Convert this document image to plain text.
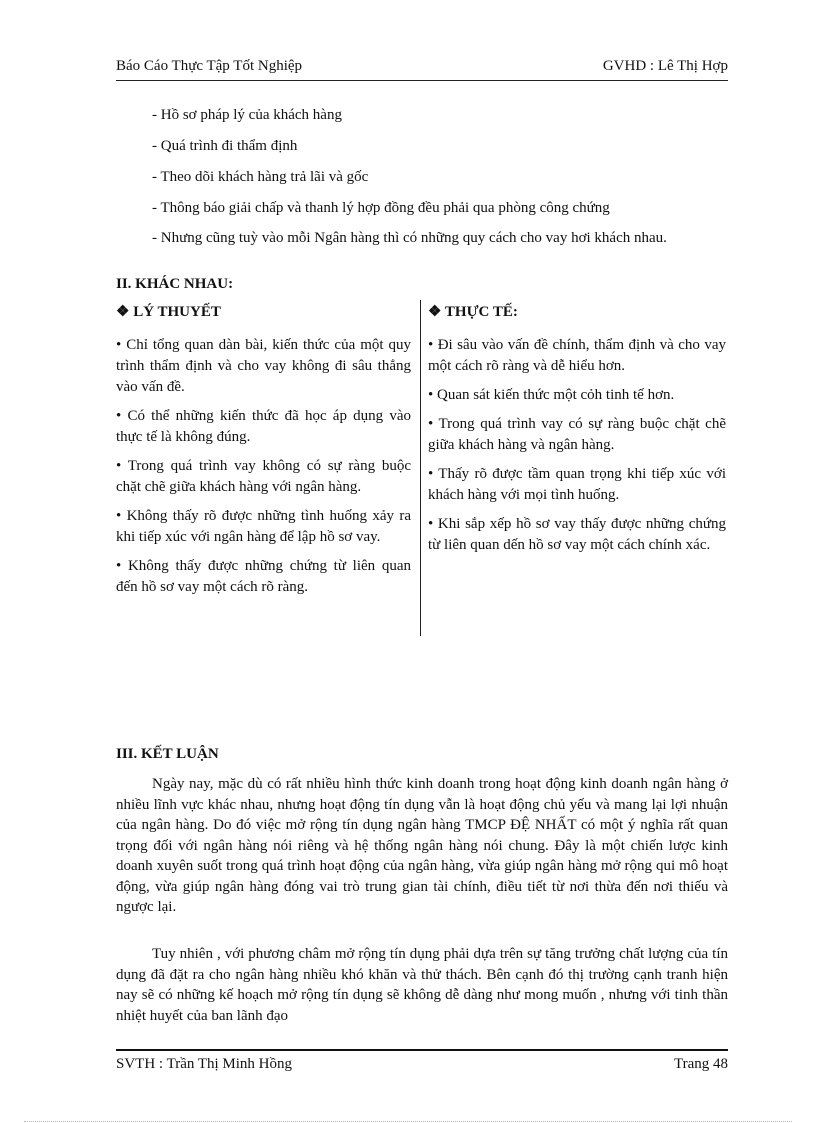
Báo Cáo Thực Tập Tốt Nghiệp	GVHD : Lê Thị Hợp
- Hồ sơ pháp lý của khách hàng
- Quá trình đi thẩm định
- Theo dõi khách hàng trả lãi và gốc
- Thông báo giải chấp và thanh lý hợp đồng đều phải qua phòng công chứng
- Nhưng cũng tuỳ vào mỗi Ngân hàng thì có những quy cách cho vay hơi khách nhau.
II. KHÁC NHAU:
❖ LÝ THUYẾT
• Chỉ tổng quan dàn bài, kiến thức của một quy trình thẩm định và cho vay không đi sâu thẳng vào vấn đề.
• Có thể những kiến thức đã học áp dụng vào thực tế là không đúng.
• Trong quá trình vay không có sự ràng buộc chặt chẽ giữa khách hàng với ngân hàng.
• Không thấy rõ được những tình huống xảy ra khi tiếp xúc với ngân hàng để lập hồ sơ vay.
• Không thấy được những chứng từ liên quan đến hồ sơ vay một cách rõ ràng.
❖ THỰC TẾ:
• Đi sâu vào vấn đề chính, thẩm định và cho vay một cách rõ ràng và dễ hiểu hơn.
• Quan sát kiến thức một cỏh tinh tế hơn.
• Trong quá trình vay có sự ràng buộc chặt chẽ giữa khách hàng và ngân hàng.
• Thấy rõ được tầm quan trọng khi tiếp xúc với khách hàng với mọi tình huống.
• Khi sắp xếp hồ sơ vay thấy được những chứng từ liên quan dến hồ sơ vay một cách chính xác.
III. KẾT LUẬN
Ngày nay, mặc dù có rất nhiều hình thức kinh doanh trong hoạt động kinh doanh ngân hàng ở nhiều lĩnh vực khác nhau, nhưng hoạt động tín dụng vẫn là hoạt động chủ yếu và mang lại lợi nhuận của ngân hàng. Do đó việc mở rộng tín dụng ngân hàng TMCP ĐỆ NHẤT có một ý nghĩa rất quan trọng đối với ngân hàng nói riêng và hệ thống ngân hàng nói chung. Đây là một chiến lược kinh doanh xuyên suốt trong quá trình hoạt động của ngân hàng, vừa giúp ngân hàng mở rộng qui mô hoạt động, vừa giúp ngân hàng đóng vai trò trung gian tài chính, điều tiết từ nơi thừa đến nơi thiếu và ngược lại.
Tuy nhiên , với phương châm mở rộng tín dụng phải dựa trên sự tăng trưởng chất lượng của tín dụng đã đặt ra cho ngân hàng nhiều khó khăn và thử thách. Bên cạnh đó thị trường cạnh tranh hiện nay sẽ có những kế hoạch mở rộng tín dụng sẽ không dễ dàng như mong muốn , nhưng với tinh thần nhiệt huyết của ban lãnh đạo
SVTH : Trần Thị Minh Hồng	Trang 48
